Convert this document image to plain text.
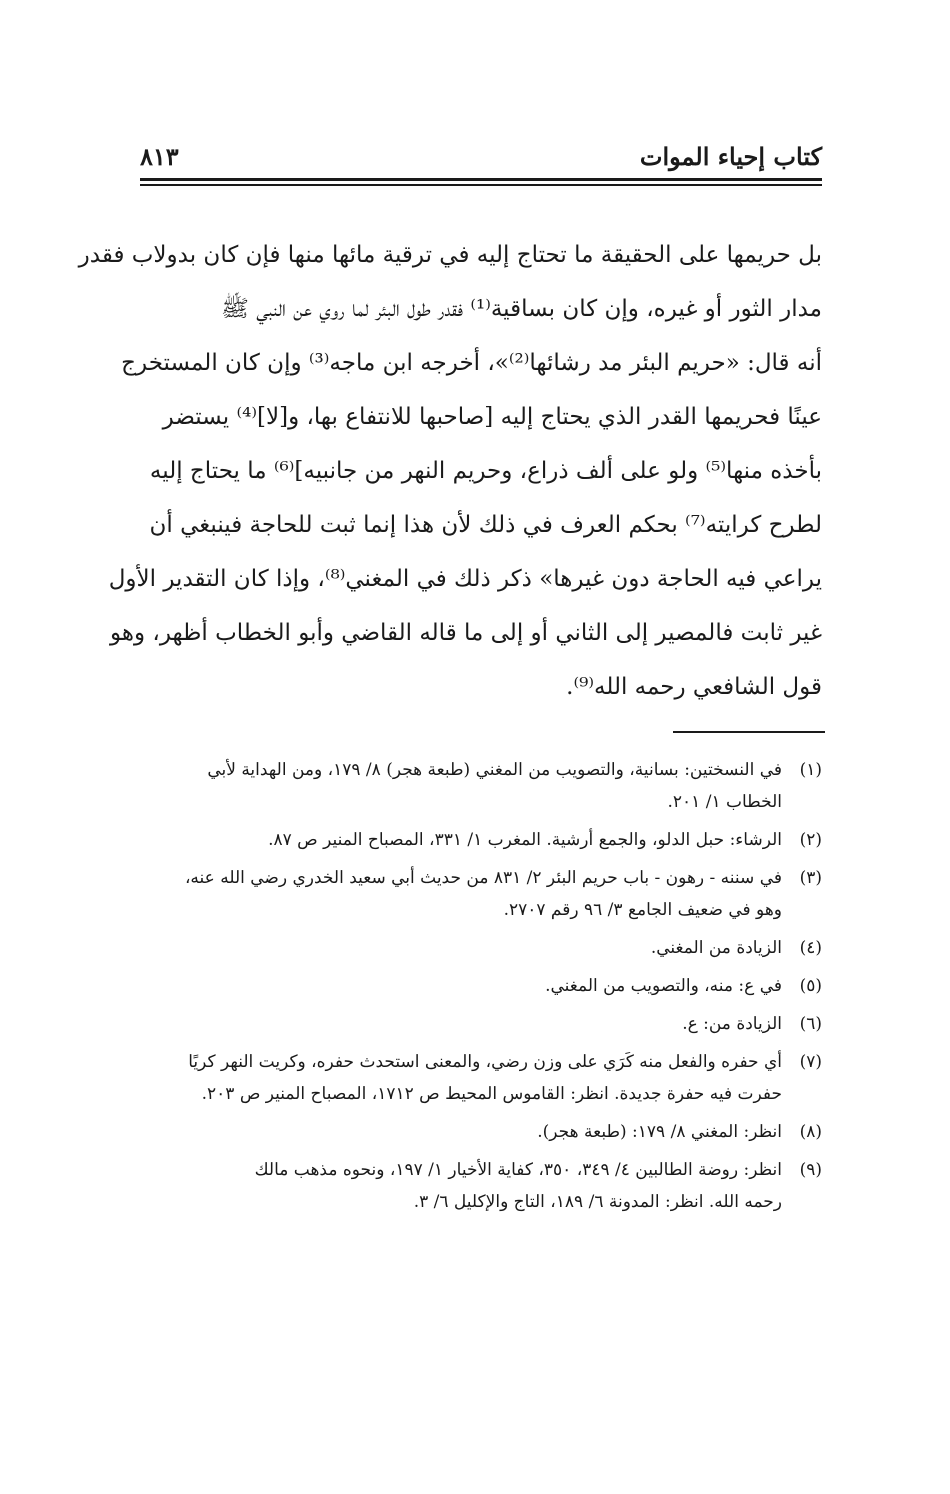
كتاب إحياء الموات
٨١٣
بل حريمها على الحقيقة ما تحتاج إليه في ترقية مائها منها فإن كان بدولاب فقدر
مدار الثور أو غيره، وإن كان بساقية⁽¹⁾ فقدر طول البئر لما روي عن النبي ﷺ
أنه قال: «حريم البئر مد رشائها⁽²⁾»، أخرجه ابن ماجه⁽³⁾ وإن كان المستخرج
عينًا فحريمها القدر الذي يحتاج إليه [صاحبها للانتفاع بها، و[لا]⁽⁴⁾ يستضر
بأخذه منها⁽⁵⁾ ولو على ألف ذراع، وحريم النهر من جانبيه]⁽⁶⁾ ما يحتاج إليه
لطرح كرايته⁽⁷⁾ بحكم العرف في ذلك لأن هذا إنما ثبت للحاجة فينبغي أن
يراعي فيه الحاجة دون غيرها» ذكر ذلك في المغني⁽⁸⁾، وإذا كان التقدير الأول
غير ثابت فالمصير إلى الثاني أو إلى ما قاله القاضي وأبو الخطاب أظهر، وهو
قول الشافعي رحمه الله⁽⁹⁾.
(١)
في النسختين: بسانية، والتصويب من المغني (طبعة هجر) ٨/ ١٧٩، ومن الهداية لأبي
الخطاب ١/ ٢٠١.
(٢)
الرشاء: حبل الدلو، والجمع أرشية. المغرب ١/ ٣٣١، المصباح المنير ص ٨٧.
(٣)
في سننه - رهون - باب حريم البئر ٢/ ٨٣١ من حديث أبي سعيد الخدري رضي الله عنه،
وهو في ضعيف الجامع ٣/ ٩٦ رقم ٢٧٠٧.
(٤)
الزيادة من المغني.
(٥)
في ع: منه، والتصويب من المغني.
(٦)
الزيادة من: ع.
(٧)
أي حفره والفعل منه كَرَي على وزن رضي، والمعنى استحدث حفره، وكريت النهر كريًا
حفرت فيه حفرة جديدة. انظر: القاموس المحيط ص ١٧١٢، المصباح المنير ص ٢٠٣.
(٨)
انظر: المغني ٨/ ١٧٩: (طبعة هجر).
(٩)
انظر: روضة الطالبين ٤/ ٣٤٩، ٣٥٠، كفاية الأخيار ١/ ١٩٧، ونحوه مذهب مالك
رحمه الله. انظر: المدونة ٦/ ١٨٩، التاج والإكليل ٦/ ٣.
